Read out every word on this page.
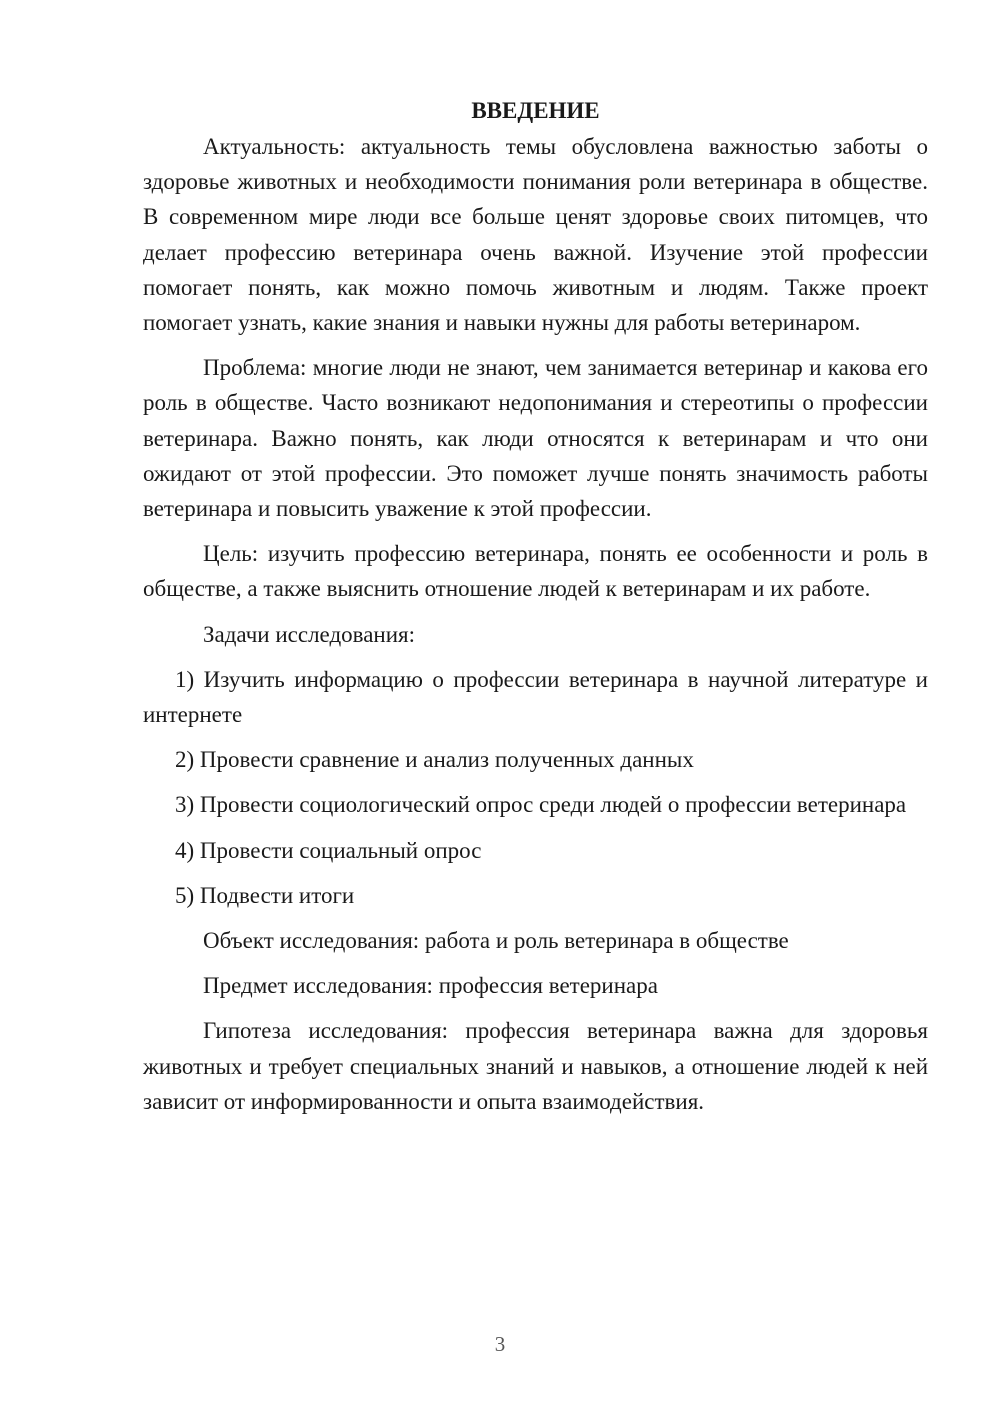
ВВЕДЕНИЕ

Актуальность: актуальность темы обусловлена важностью заботы о здоровье животных и необходимости понимания роли ветеринара в обществе. В современном мире люди все больше ценят здоровье своих питомцев, что делает профессию ветеринара очень важной. Изучение этой профессии помогает понять, как можно помочь животным и людям. Также проект помогает узнать, какие знания и навыки нужны для работы ветеринаром.

Проблема: многие люди не знают, чем занимается ветеринар и какова его роль в обществе. Часто возникают недопонимания и стереотипы о профессии ветеринара. Важно понять, как люди относятся к ветеринарам и что они ожидают от этой профессии. Это поможет лучше понять значимость работы ветеринара и повысить уважение к этой профессии.

Цель: изучить профессию ветеринара, понять ее особенности и роль в обществе, а также выяснить отношение людей к ветеринарам и их работе.

Задачи исследования:

1) Изучить информацию о профессии ветеринара в научной литературе и интернете

2) Провести сравнение и анализ полученных данных

3) Провести социологический опрос среди людей о профессии ветеринара

4) Провести социальный опрос

5) Подвести итоги

Объект исследования: работа и роль ветеринара в обществе

Предмет исследования: профессия ветеринара

Гипотеза исследования: профессия ветеринара важна для здоровья животных и требует специальных знаний и навыков, а отношение людей к ней зависит от информированности и опыта взаимодействия.

3
